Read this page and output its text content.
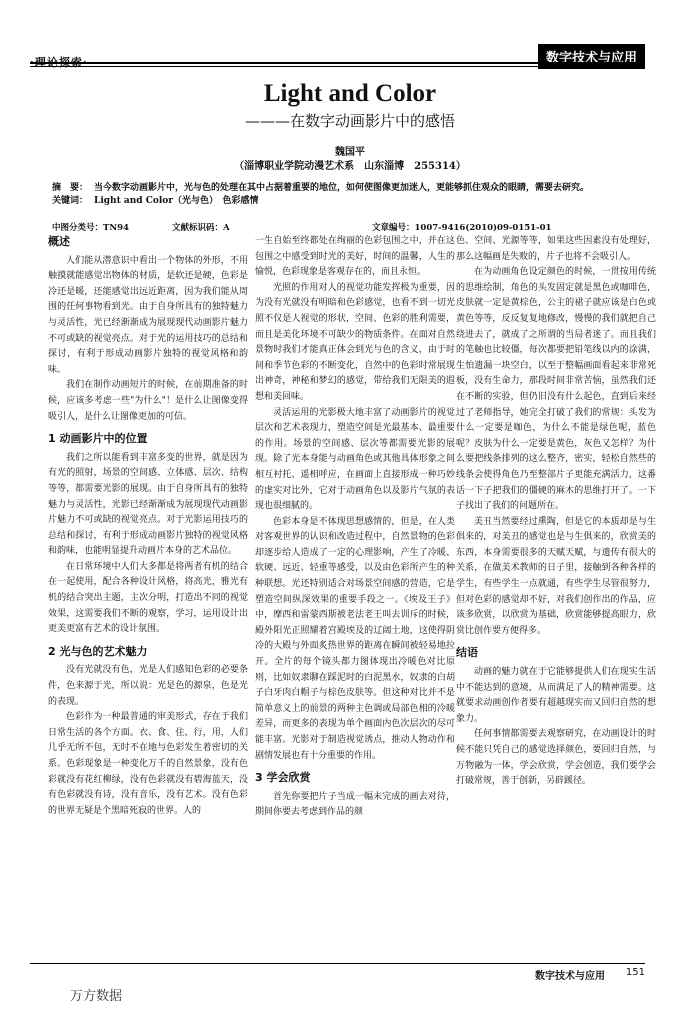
·理论探索·	数字技术与应用
Light and Color
———在数字动画影片中的感悟
魏国平
（淄博职业学院动漫艺术系　山东淄博　255314）
摘　要： 当今数字动画影片中，光与色的处理在其中占据着重要的地位，如何使图像更加迷人，更能够抓住观众的眼睛，需要去研究。
关键词： Light and Color（光与色）　色彩感情
中图分类号：TN94	文献标识码：A	文章编号：1007-9416(2010)09-0151-01
概述

人们能从潜意识中看出一个物体的外形，不用触摸就能感觉出物体的材质，是软还是硬，色彩是冷还是暖，还能感觉出远近距离，因为我们能从周围的任何事物看到光。由于自身所具有的独特魅力与灵活性，光已经渐渐成为展现现代动画影片魅力不可或缺的视觉亮点。对于光的运用技巧的总结和探讨，有利于形成动画影片独特的视觉风格和韵味。

我们在制作动画短片的时候，在前期准备的时候，应该多考虑一些"为什么"！是什么让图像变得吸引人，是什么让图像更加的可信。

1 动画影片中的位置

我们之所以能看到丰富多变的世界，就是因为有光的照射，场景的空间感、立体感、层次、结构等等，都需要光影的展现。由于自身所具有的独特魅力与灵活性，光影已经渐渐成为展现现代动画影片魅力不可或缺的视觉亮点。对于光影运用技巧的总结和探讨，有利于形成动画影片独特的视觉风格和韵味，也能明显提升动画片本身的艺术品位。

在日常环境中人们大多都是将两者有机的结合在一起使用，配合各种设计风格，将高光，雅光有机的结合突出主题，主次分明，打造出不同的视觉效果，这需要我们不断的观察，学习，运用设计出更美更富有艺术的设计氛围。

2 光与色的艺术魅力

没有光就没有色，光是人们感知色彩的必要条件，色来源于光，所以说：光是色的源泉，色是光的表现。

色彩作为一种最普通的审美形式，存在于我们日常生活的各个方面。衣、食、住、行，用，人们几乎无所不包，无时不在地与色彩发生着密切的关系。色彩现象是一种变化万千的自然景象，没有色彩就没有花红柳绿，没有色彩就没有碧海蓝天，没有色彩就没有诗，没有音乐，没有艺术。没有色彩的世界无疑是个黑暗死寂的世界。人的

一生自始至终都处在绚丽的色彩包围之中，并在这包围之中感受到时光的美好，时间的温馨，人生的愉悦，色彩现象是客观存在的，而且永恒。

光照的作用对人的视觉功能发挥极为重要，因为没有光就没有明暗和色彩感觉，也看不到一切光照不仅是人视觉的形状，空间、色彩的胜利需要，而且是美化环境不可缺少的物质条件。在面对自然景物时我们才能真正体会到光与色的含义，由于时间和季节色彩的不断变化，自然中的色彩时常展现出神奇，神秘和梦幻的感觉，带给我们无限美的遐想和美回味。

灵活运用的光影极大地丰富了动画影片的视觉层次和艺术表现力，塑造空间是光最基本、最重要的作用。场景的空间感、层次等都需要光影的展现。除了光本身能与动画角色或其他具体形象之间相互衬托、遥相呼应，在画面上直接形成一种巧妙的虚实对比外，它对于动画角色以及影片气氛的表现也很细腻的。

色彩本身是不体现思想感情的，但是，在人类对客观世界的认识和改造过程中，自然景物的色彩却逐步给人造成了一定的心理影响，产生了冷暖、软硬、远近、轻重等感受，以及由色彩所产生的种种联想。光还特别适合对场景空间感的营造，它是塑造空间纵深效果的重要手段之一。《埃及王子》中，摩西和雷蒙西斯被老法老王叫去训斥的时候，殿外阳光正照耀着宫殿埃及的辽阔土地，这使得阴冷的大殿与外面炙热世界的距离在瞬间被轻易地拉开。全片的每个镜头都力图体现出冷暖色对比原则，比如奴隶聊在踩泥时的白泥黑水，奴隶的白胡子白牙肉白帽子与棕色皮肤等。但这种对比并不是简单意义上的前景的两种主色调或局部色相的冷暖差异，而更多的表现为单个画面内色次层次的尽可能丰富。光影对于制造视觉诱点，推动人物动作和剧情发展也有十分重要的作用。

3 学会欣赏

首先你要把片子当成一幅未完成的画去对待，期间你要去考虑到作品的颜

色、空间、光源等等，如果这些因素没有处理好，那么这幅画是失败的，片子也将不会吸引人。

在为动画角色设定颜色的时候，一贯按用传统的思维绘制，角色的头发固定就是黑色或咖啡色，皮肤就一定是黄棕色，公主的裙子就应该是白色或黄色等等，反反复复地修改，慢慢的我们就把自己绕进去了，就成了之所谓的当局者迷了。而且我们的笔触也比较僵，每次都要把铅笔线以内的涂满，生怕遗漏一块空白，以至于整幅画面看起来非常死板，没有生命力，那段时间非常苦恼，虽然我们还在不断的实验，但仍旧没有什么起色，直到后来经过了老师指导，她完全打破了我们的常规：头发为什么一定要是咖色，为什么不能是绿色呢，蓝色呢？皮肤为什么一定要是黄色，灰色又怎样？为什么要把线条排列的这么整齐，密实，轻松自然些的线条会使得角色乃至整部片子更能充满活力，这番话一下子把我们的僵硬的麻木的思维打开了。一下子找出了我们的问题所在。

美丑当然要经过熏陶，但是它的本质却是与生俱来的，对美丑的感觉也是与生俱来的，欣赏美的东西，本身需要很多的天赋天赋，与遗传有很大的关系，在做美术教师的日子里，接触到各种各样的学生，有些学生一点就通，有些学生尽管很努力，但对色彩的感觉却不好，对我们创作出的作品，应该多欣赏，以欣赏为基础，欣赏能够提高眼力，欣赏比创作要方便得多。

结语

动画的魅力就在于它能够提供人们在现实生活中不能达到的意境，从而满足了人的精神需要。这就要求动画创作者要有超越现实而又回归自然的想象力。

任何事情都需要去观察研究，在动画设计的时候不能只凭自己的感觉选择颜色，要回归自然，与万物融为一体，学会欣赏，学会创造，我们要学会打破常规，善于创新，另辟蹊径。

数字技术与应用 151
万方数据
